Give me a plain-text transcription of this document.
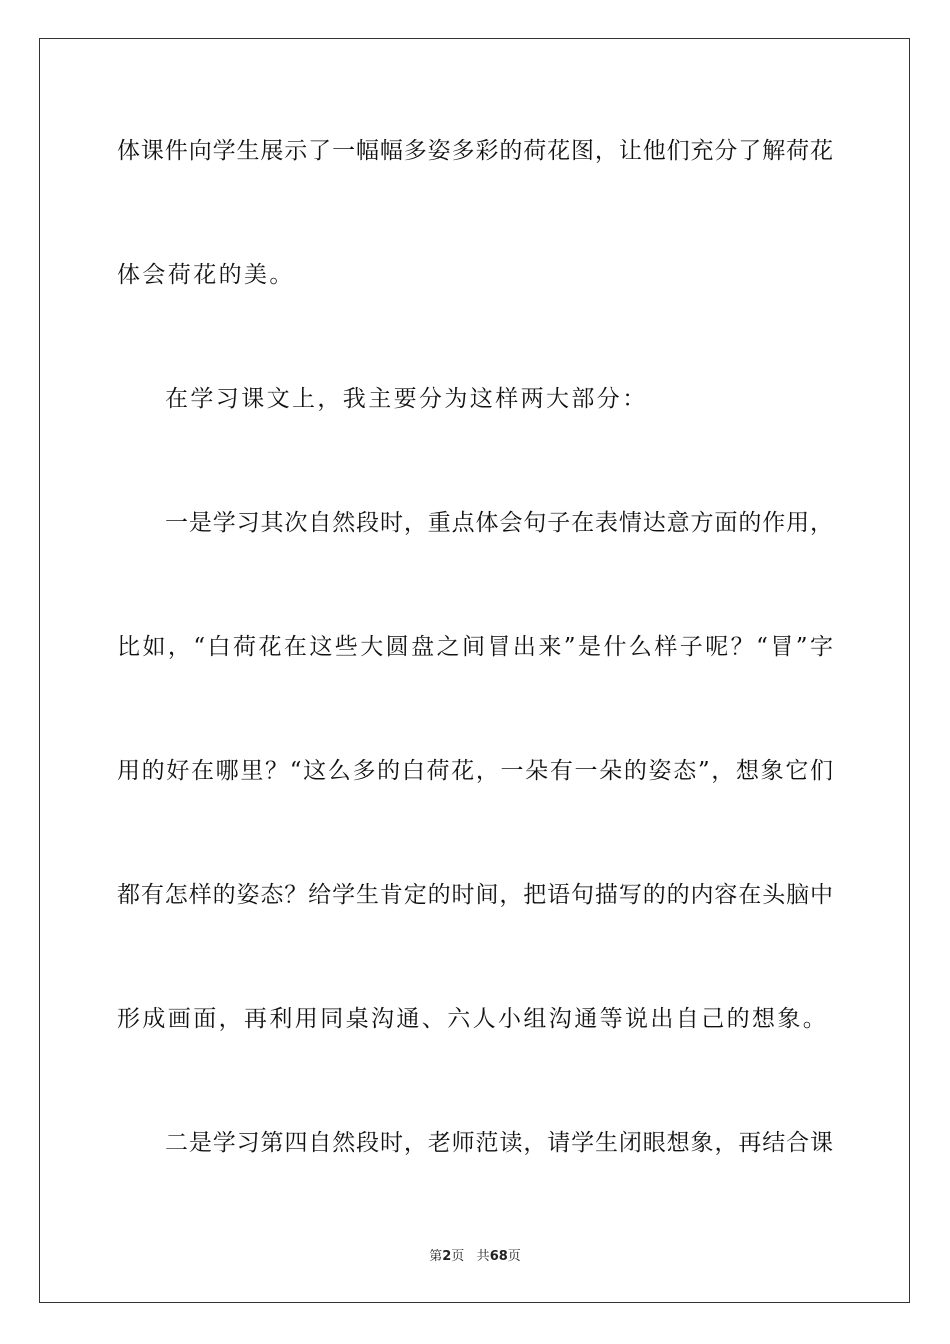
体课件向学生展示了一幅幅多姿多彩的荷花图，让他们充分了解荷花
体会荷花的美。
在学习课文上，我主要分为这样两大部分：
一是学习其次自然段时，重点体会句子在表情达意方面的作用，
比如，“白荷花在这些大圆盘之间冒出来”是什么样子呢？“冒”字
用的好在哪里？“这么多的白荷花，一朵有一朵的姿态”，想象它们
都有怎样的姿态？给学生肯定的时间，把语句描写的的内容在头脑中
形成画面，再利用同桌沟通、六人小组沟通等说出自己的想象。
二是学习第四自然段时，老师范读，请学生闭眼想象，再结合课
第2页 共68页
